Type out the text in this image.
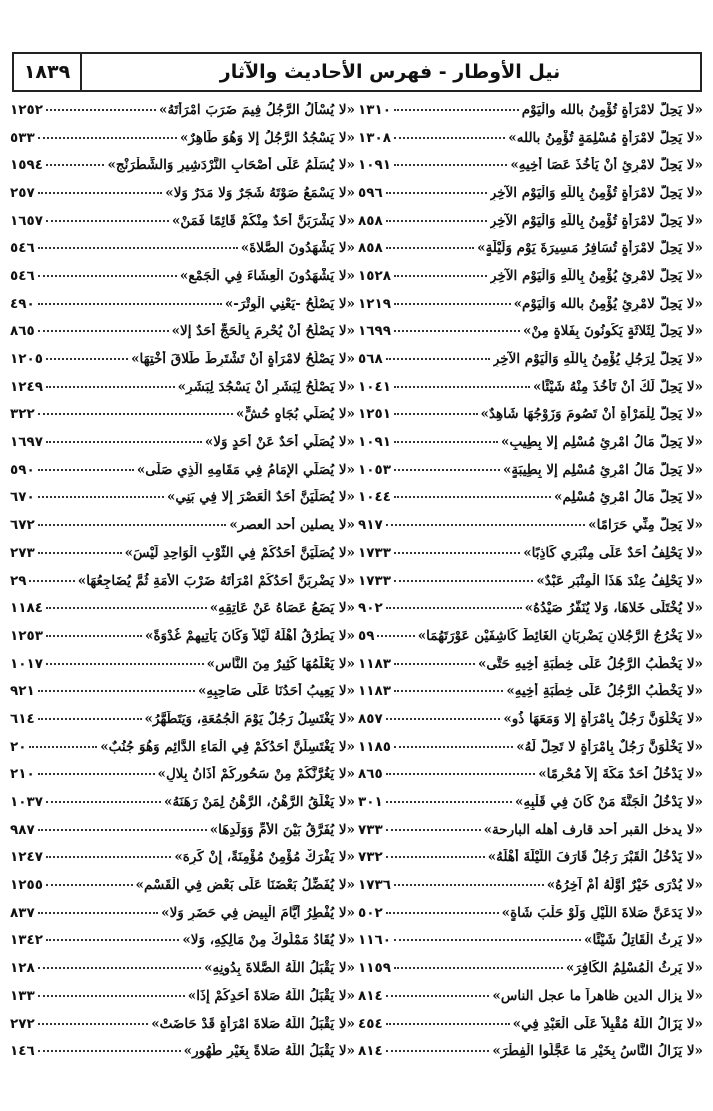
نيل الأوطار - فهرس الأحاديث والآثار
١٨٣٩
«لا يَحِلُّ لامْرَأَةٍ تُؤْمِنُ بالله والْيَوْمِ
١٣١٠
«لا يَحِلُّ لامْرَأَةٍ مُسْلِمَةٍ تُؤْمِنُ بالله»
١٣٠٨
«لا يَحِلُّ لامْرِئٍ أَنْ يَأْخُذَ عَصَا أَخِيهِ»
١٠٩١
«لا يَحِلُّ لامْرَأَةٍ تُؤْمِنُ بِاللَّهِ وَالْيَوْمِ الآخِرِ
٥٩٦
«لا يَحِلُّ لامْرَأَةٍ تُؤْمِنُ بِاللَّهِ وَالْيَوْمِ الآخِرِ
٨٥٨
«لا يَحِلُّ لامْرَأَةٍ تُسَافِرُ مَسِيرَةَ يَوْمٍ وَلَيْلَةٍ»
٨٥٨
«لا يَحِلُّ لامْرِئٍ يُؤْمِنُ بِاللَّهِ وَالْيَوْمِ الآخِرِ
١٥٢٨
«لا يَحِلُّ لامْرِئٍ يُؤْمِنُ بالله وَالْيَوْمِ»
١٢١٩
«لا يَحِلُّ لِثَلاثَةٍ يَكُونُونَ بِفَلاةٍ مِنْ»
١٦٩٩
«لا يَحِلُّ لِرَجُلٍ يُؤْمِنُ بِاللَّهِ وَالْيَوْمِ الآخِرِ
٥٦٨
«لا يَحِلُّ لَكَ أَنْ تَأْخُذَ مِنْهُ شَيْئًا»
١٠٤١
«لا يَحِلُّ لِلْمَرْأَةِ أَنْ تَصُومَ وَزَوْجُهَا شَاهِدٌ»
١٢٥١
«لا يَحِلُّ مَالُ امْرِئٍ مُسْلِمٍ إلا بِطِيبِ»
١٠٩١
«لا يَحِلُّ مَالُ امْرِئٍ مُسْلِمٍ إلا بِطِيبَةٍ»
١٠٥٣
«لا يَحِلُّ مَالُ امْرِئٍ مُسْلِمٍ»
١٠٤٤
«لا يَحِلُّ مِنِّي حَرَامًا»
٩١٧
«لا يَحْلِفُ أَحَدٌ عَلَى مِنْبَرِي كَاذِبًا»
١٧٣٣
«لا يَحْلِفُ عِنْدَ هَذَا الْمِنْبَرِ عَبْدٌ»
١٧٣٣
«لا يُخْتَلَى خَلاهَا، وَلا يُنَفَّرُ صَيْدُهُ»
٩٠٢
«لا يَخْرُجُ الرَّجُلانِ يَضْرِبَانِ الغَائِطَ كَاشِفَيْنِ عَوْرَتَهُمَا»
٥٩
«لا يَخْطُبُ الرَّجُلُ عَلَى خِطْبَةِ أَخِيهِ حَتَّى»
١١٨٣
«لا يَخْطُبُ الرَّجُلُ عَلَى خِطْبَةِ أَخِيهِ»
١١٨٣
«لا يَخْلُوَنَّ رَجُلٌ بِامْرَأَةٍ إلا وَمَعَهَا ذُو»
٨٥٧
«لا يَخْلُوَنَّ رَجُلٌ بِامْرَأَةٍ لا تَحِلُّ لَهُ»
١١٨٥
«لا يَدْخُلُ أَحَدٌ مَكَّةَ إلاَّ مُحْرِمًا»
٨٦٥
«لا يَدْخُلُ الْجَنَّةَ مَنْ كَانَ فِي قَلْبِهِ»
٣٠١
«لا يدخل القبر أحد قارف أهله البارحة»
٧٣٣
«لا يَدْخُلُ الْقَبْرَ رَجُلٌ قَارَفَ اللَّيْلَةَ أَهْلَهُ»
٧٣٢
«لا يُدْرَى خَيْرٌ أَوَّلُهُ أَمْ آخِرُهُ»
١٧٣٦
«لا يَدَعَنَّ صَلاةَ اللَّيْلِ وَلَوْ حَلْبَ شَاةٍ»
٥٠٢
«لا يَرِثُ الْقَاتِلُ شَيْئًا»
١١٦٠
«لا يَرِثُ الْمُسْلِمُ الكَافِرَ»
١١٥٩
«لا يزال الدين ظاهراً ما عجل الناس»
٨١٤
«لا يَزَالُ اللَّهُ مُقْبِلاً عَلَى الْعَبْدِ فِي»
٤٥٤
«لا يَزَالُ النَّاسُ بِخَيْرٍ مَا عَجَّلُوا الْفِطْرَ»
٨١٤
«لا يُسْأَلُ الرَّجُلُ فِيمَ ضَرَبَ امْرَأَتَهُ»
١٢٥٢
«لا يَسْجُدُ الرَّجُلُ إلا وَهُوَ طَاهِرٌ»
٥٣٣
«لا يُسَلِّمُ عَلَى أَصْحَابِ النَّرْدَشِيرِ وَالشِّطْرَنْجِ»
١٥٩٤
«لا يَسْمَعُ صَوْتَهُ شَجَرٌ وَلا مَدَرٌ وَلا»
٢٥٧
«لا يَشْرَبَنَّ أَحَدٌ مِنْكُمْ قَائِمًا فَمَنْ»
١٦٥٧
«لا يَشْهَدُونَ الصَّلاةَ»
٥٤٦
«لا يَشْهَدُونَ الْعِشَاءَ فِي الْجَمْعِ»
٥٤٦
«لا يَصْلُحُ -يَعْنِي الْوِتْرَ-»
٤٩٠
«لا يَصْلُحُ أَنْ يُحْرِمَ بِالْحَجِّ أَحَدٌ إلا»
٨٦٥
«لا يَصْلُحُ لامْرَأَةٍ أَنْ تَشْتَرِطَ طَلاقَ أُخْتِهَا»
١٢٠٥
«لا يَصْلُحُ لِبَشَرٍ أَنْ يَسْجُدَ لِبَشَرٍ»
١٢٤٩
«لا يُصَلِّي بُجَاهٍ حُشٍّ»
٣٢٢
«لا يُصَلِّي أَحَدٌ عَنْ أَحَدٍ وَلا»
١٦٩٧
«لا يُصَلِّي الإِمَامُ فِي مَقَامِهِ الَّذِي صَلَّى»
٥٩٠
«لا يُصَلِّيَنَّ أَحَدٌ الْعَصْرَ إلا فِي بَنِي»
٦٧٠
«لا يصلين أحد العصر»
٦٧٢
«لا يُصَلِّيَنَّ أَحَدُكُمْ فِي الثَّوْبِ الْوَاحِدِ لَيْسَ»
٢٧٣
«لا يَضْرِبَنَّ أَحَدُكُمْ امْرَأَتَهُ ضَرْبَ الأَمَةِ ثُمَّ يُضَاجِعُهَا»
٢٩
«لا يَضَعُ عَصَاهُ عَنْ عَاتِقِهِ»
١١٨٤
«لا يَطْرُقُ أَهْلَهُ لَيْلاً وَكَانَ يَأْتِيهِمْ غُدْوَةً»
١٢٥٣
«لا يَعْلَمُهَا كَثِيرٌ مِنَ النَّاسِ»
١٠١٧
«لا يَعِيبُ أَحَدُنَا عَلَى صَاحِبِهِ»
٩٢١
«لا يَغْتَسِلُ رَجُلٌ يَوْمَ الْجُمُعَةِ، وَيَتَطَهَّرُ»
٦١٤
«لا يَغْتَسِلَنَّ أَحَدُكُمْ فِي الْمَاءِ الدَّائِمِ وَهُوَ جُنُبٌ»
٢٠
«لا يَغُرَّنَّكُمْ مِنْ سَحُورِكُمْ أَذَانُ بِلالٍ»
٢١٠
«لا يَغْلَقُ الرَّهْنُ، الرَّهْنُ لِمَنْ رَهَنَهُ»
١٠٣٧
«لا يُفَرَّقُ بَيْنَ الأُمِّ وَوَلَدِهَا»
٩٨٧
«لا يَفْرَكْ مُؤْمِنٌ مُؤْمِنَةً، إِنْ كَرِهَ»
١٢٤٧
«لا يُفَضِّلُ بَعْضَنَا عَلَى بَعْضٍ فِي الْقَسْمِ»
١٢٥٥
«لا يُفْطِرُ أَيَّامَ الْبِيضِ فِي حَضَرٍ وَلا»
٨٣٧
«لا يُقَادُ مَمْلُوكٌ مِنْ مَالِكِهِ، وَلا»
١٣٤٢
«لا يَقْبَلُ اللَّهُ الصَّلاةَ بِدُونِهِ»
١٢٨
«لا يَقْبَلُ اللَّهُ صَلاةَ أَحَدِكُمْ إِذَا»
١٣٣
«لا يَقْبَلُ اللَّهُ صَلاةَ امْرَأَةٍ قَدْ حَاضَتْ»
٢٧٢
«لا يَقْبَلُ اللَّهُ صَلاةً بِغَيْرِ طُهُورٍ»
١٤٦
